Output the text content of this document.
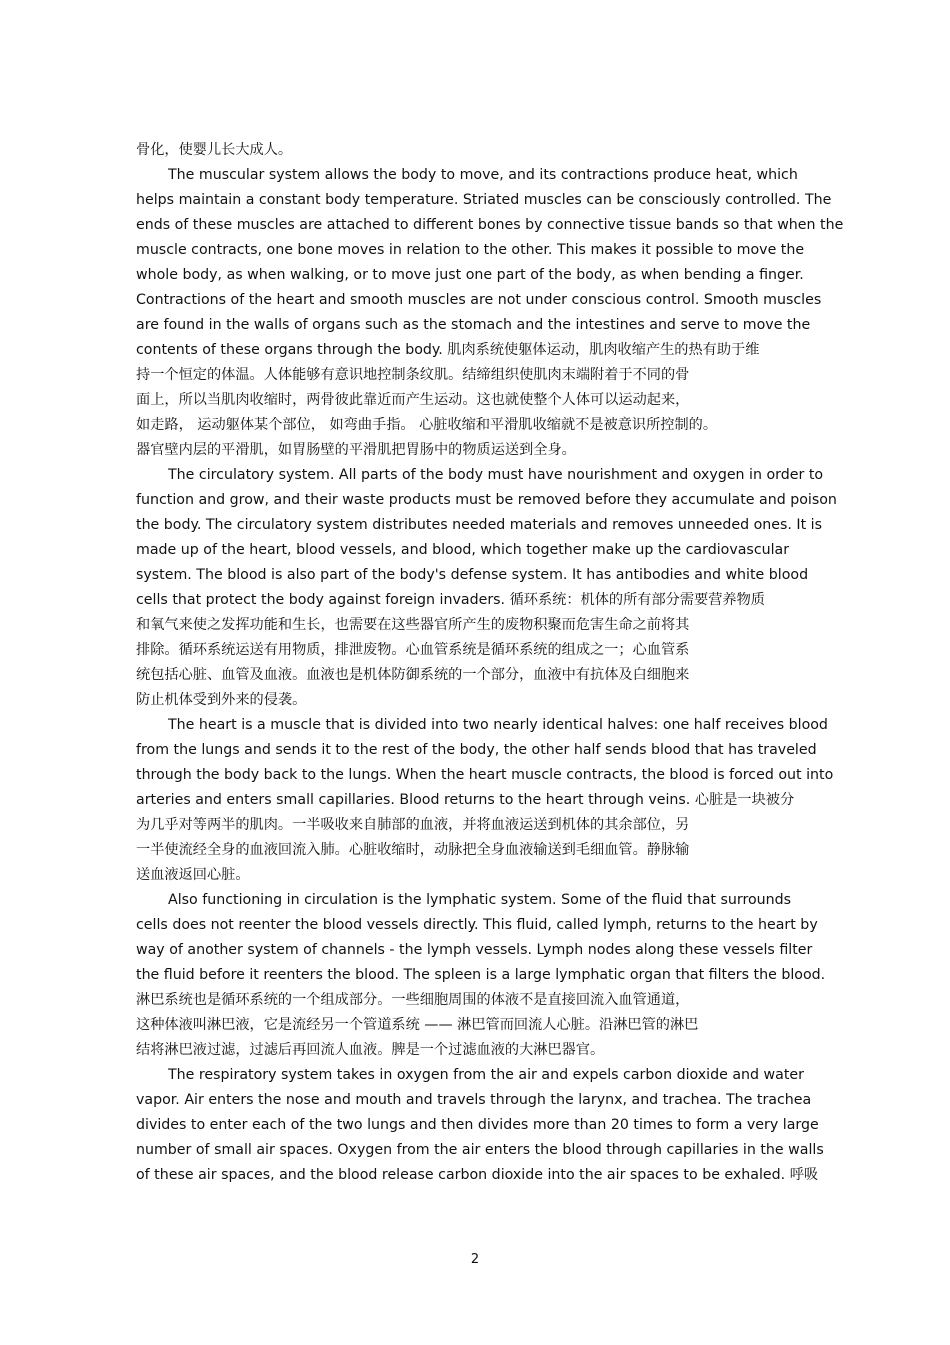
骨化，使婴儿长大成人。

The muscular system allows the body to move, and its contractions produce heat, which
helps maintain a constant body temperature. Striated muscles can be consciously controlled. The
ends of these muscles are attached to different bones by connective tissue bands so that when the
muscle contracts, one bone moves in relation to the other. This makes it possible to move the
whole body, as when walking, or to move just one part of the body, as when bending a finger.
Contractions of the heart and smooth muscles are not under conscious control. Smooth muscles
are found in the walls of organs such as the stomach and the intestines and serve to move the
contents of these organs through the body. 肌肉系统使躯体运动，肌肉收缩产生的热有助于维
持一个恒定的体温。人体能够有意识地控制条纹肌。结缔组织使肌肉末端附着于不同的骨
面上，所以当肌肉收缩时，两骨彼此靠近而产生运动。这也就使整个人体可以运动起来，
如走路， 运动躯体某个部位， 如弯曲手指。 心脏收缩和平滑肌收缩就不是被意识所控制的。
器官壁内层的平滑肌，如胃肠壁的平滑肌把胃肠中的物质运送到全身。

The circulatory system. All parts of the body must have nourishment and oxygen in order to
function and grow, and their waste products must be removed before they accumulate and poison
the body. The circulatory system distributes needed materials and removes unneeded ones. It is
made up of the heart, blood vessels, and blood, which together make up the cardiovascular
system. The blood is also part of the body's defense system. It has antibodies and white blood
cells that protect the body against foreign invaders. 循环系统：机体的所有部分需要营养物质
和氧气来使之发挥功能和生长，也需要在这些器官所产生的废物积聚而危害生命之前将其
排除。循环系统运送有用物质，排泄废物。心血管系统是循环系统的组成之一；心血管系
统包括心脏、血管及血液。血液也是机体防御系统的一个部分，血液中有抗体及白细胞来
防止机体受到外来的侵袭。

The heart is a muscle that is divided into two nearly identical halves: one half receives blood
from the lungs and sends it to the rest of the body, the other half sends blood that has traveled
through the body back to the lungs. When the heart muscle contracts, the blood is forced out into
arteries and enters small capillaries. Blood returns to the heart through veins. 心脏是一块被分
为几乎对等两半的肌肉。一半吸收来自肺部的血液，并将血液运送到机体的其余部位，另
一半使流经全身的血液回流入肺。心脏收缩时，动脉把全身血液输送到毛细血管。静脉输
送血液返回心脏。

Also functioning in circulation is the lymphatic system. Some of the fluid that surrounds
cells does not reenter the blood vessels directly. This fluid, called lymph, returns to the heart by
way of another system of channels - the lymph vessels. Lymph nodes along these vessels filter
the fluid before it reenters the blood. The spleen is a large lymphatic organ that filters the blood.
淋巴系统也是循环系统的一个组成部分。一些细胞周围的体液不是直接回流入血管通道，
这种体液叫淋巴液，它是流经另一个管道系统 —— 淋巴管而回流人心脏。沿淋巴管的淋巴
结将淋巴液过滤，过滤后再回流人血液。脾是一个过滤血液的大淋巴器官。

The respiratory system takes in oxygen from the air and expels carbon dioxide and water
vapor. Air enters the nose and mouth and travels through the larynx, and trachea. The trachea
divides to enter each of the two lungs and then divides more than 20 times to form a very large
number of small air spaces. Oxygen from the air enters the blood through capillaries in the walls
of these air spaces, and the blood release carbon dioxide into the air spaces to be exhaled. 呼吸

2
